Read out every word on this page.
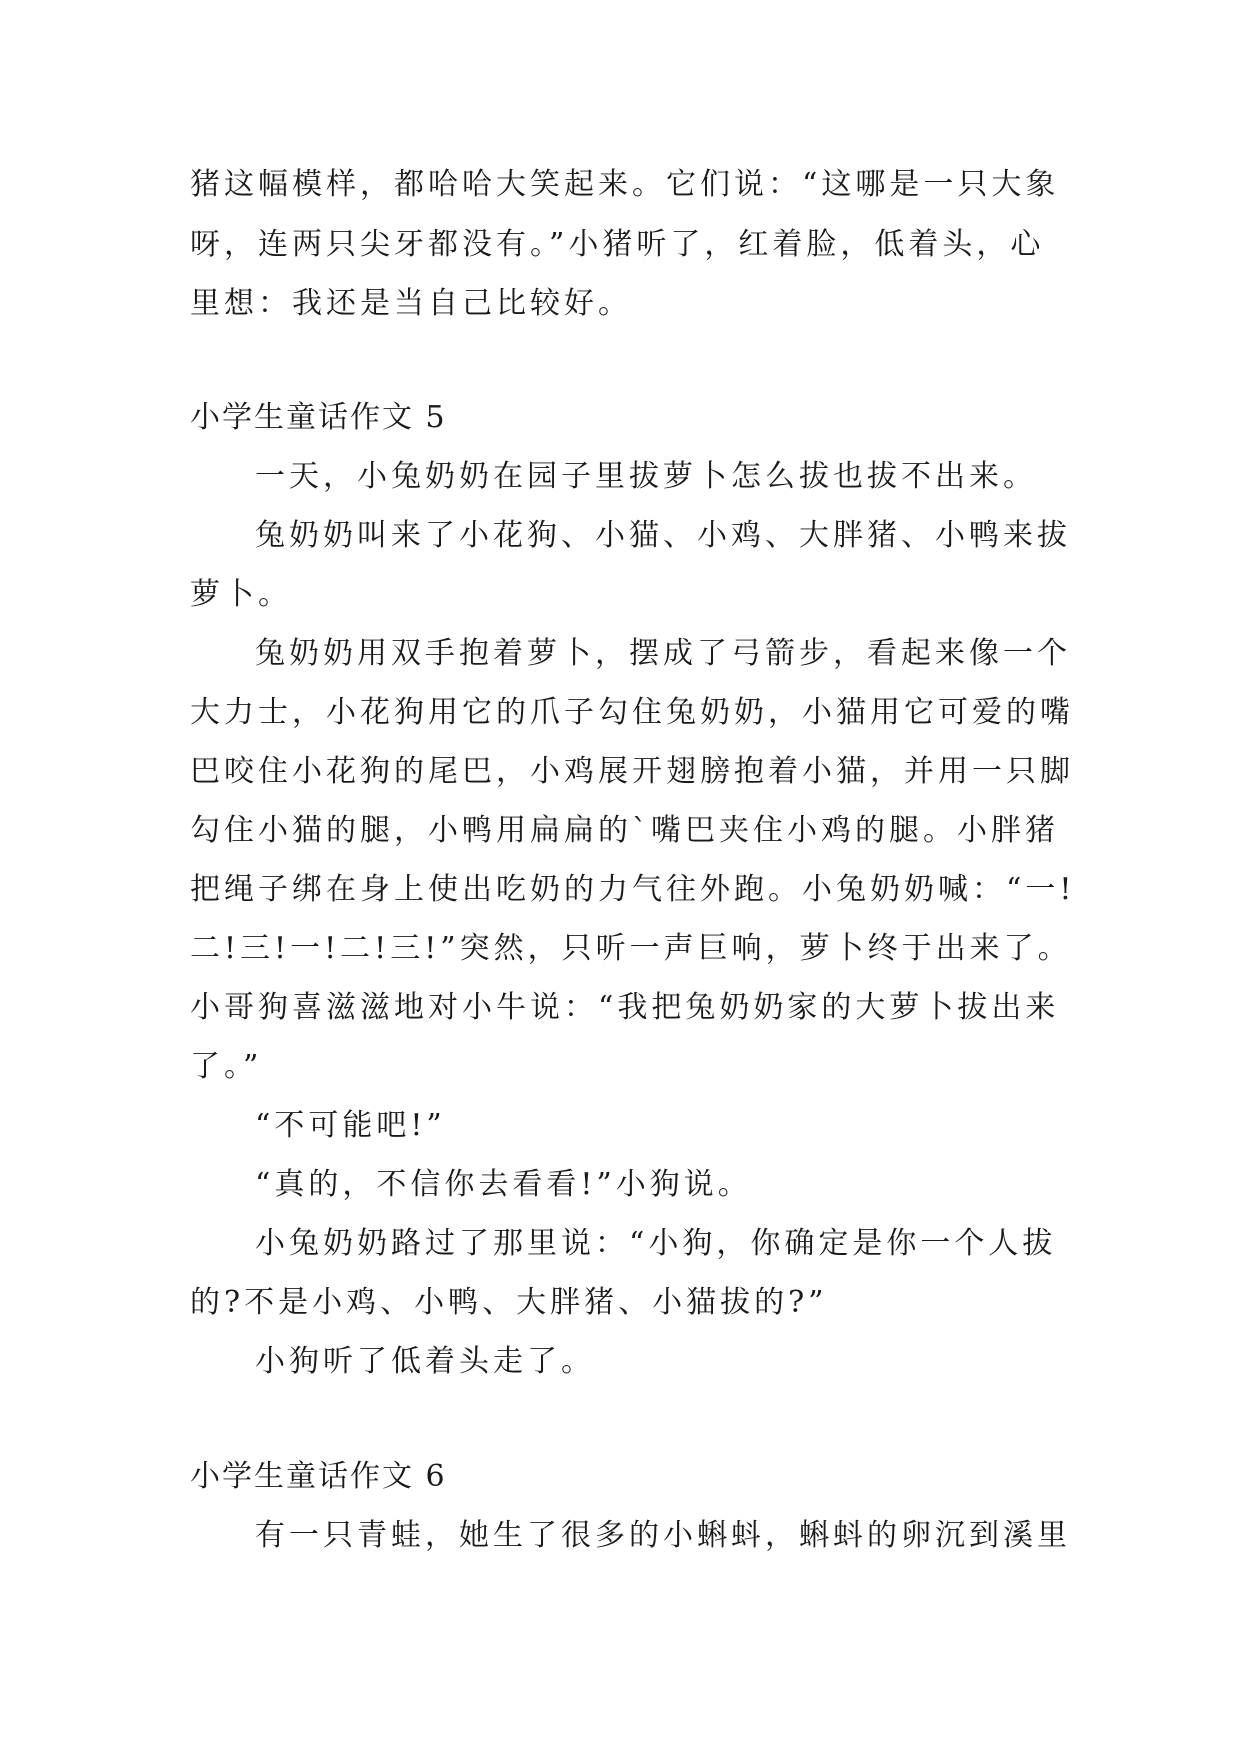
猪这幅模样，都哈哈大笑起来。它们说：“这哪是一只大象
呀，连两只尖牙都没有。”小猪听了，红着脸，低着头，心
里想：我还是当自己比较好。
小学生童话作文 5
一天，小兔奶奶在园子里拔萝卜怎么拔也拔不出来。
兔奶奶叫来了小花狗、小猫、小鸡、大胖猪、小鸭来拔
萝卜。
兔奶奶用双手抱着萝卜，摆成了弓箭步，看起来像一个
大力士，小花狗用它的爪子勾住兔奶奶，小猫用它可爱的嘴
巴咬住小花狗的尾巴，小鸡展开翅膀抱着小猫，并用一只脚
勾住小猫的腿，小鸭用扁扁的`嘴巴夹住小鸡的腿。小胖猪
把绳子绑在身上使出吃奶的力气往外跑。小兔奶奶喊：“一!
二!三!一!二!三!”突然，只听一声巨响，萝卜终于出来了。
小哥狗喜滋滋地对小牛说：“我把兔奶奶家的大萝卜拔出来
了。”
“不可能吧!”
“真的，不信你去看看!”小狗说。
小兔奶奶路过了那里说：“小狗，你确定是你一个人拔
的?不是小鸡、小鸭、大胖猪、小猫拔的?”
小狗听了低着头走了。
小学生童话作文 6
有一只青蛙，她生了很多的小蝌蚪，蝌蚪的卵沉到溪里
